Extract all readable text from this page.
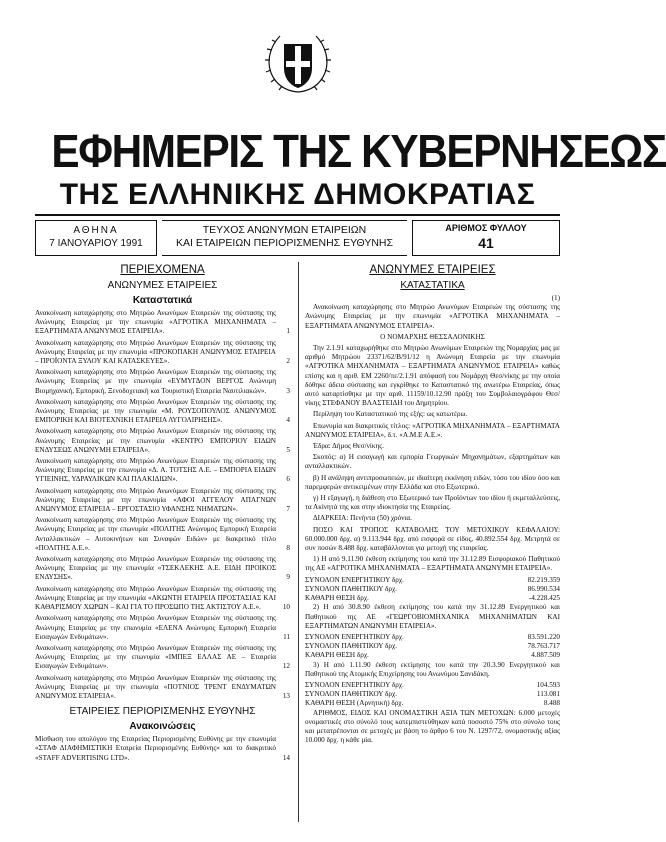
ΕΦΗΜΕΡΙΣ ΤΗΣ ΚΥΒΕΡΝΗΣΕΩΣ
ΤΗΣ ΕΛΛΗΝΙΚΗΣ ΔΗΜΟΚΡΑΤΙΑΣ
ΑΘΗΝΑ
7 ΙΑΝΟΥΑΡΙΟΥ 1991
ΤΕΥΧΟΣ ΑΝΩΝΥΜΩΝ ΕΤΑΙΡΕΙΩΝ
ΚΑΙ ΕΤΑΙΡΕΙΩΝ ΠΕΡΙΟΡΙΣΜΕΝΗΣ ΕΥΘΥΝΗΣ
ΑΡΙΘΜΟΣ ΦΥΛΛΟΥ
41
ΠΕΡΙΕΧΟΜΕΝΑ
ΑΝΩΝΥΜΕΣ ΕΤΑΙΡΕΙΕΣ
Καταστατικά
Ανακοίνωση καταχώρησης στο Μητρώο Ανωνύμων Εταιρειών της σύστασης της Ανώνυμης Εταιρείας με την επωνυμία «ΑΓΡΟΤΙΚΑ ΜΗΧΑΝΗΜΑΤΑ – ΕΞΑΡΤΗΜΑΤΑ ΑΝΩΝΥΜΟΣ ΕΤΑΙΡΕΙΑ».	1
Ανακοίνωση καταχώρησης στο Μητρώο Ανωνύμων Εταιρειών της σύστασης της Ανώνυμης Εταιρείας με την επωνυμία «ΠΡΟΚΟΠΑΚΗ ΑΝΩΝΥΜΟΣ ΕΤΑΙΡΕΙΑ – ΠΡΟΪΟΝΤΑ ΞΥΛΟΥ ΚΑΙ ΚΑΤΑΣΚΕΥΕΣ».	2
Ανακοίνωση καταχώρησης στο Μητρώο Ανωνύμων Εταιρειών της σύστασης της Ανώνυμης Εταιρείας με την επωνυμία «ΕΥΜΥΓΔΟΝ ΒΕΡΓΟΣ Ανώνυμη Βιομηχανική, Εμπορική, Ξενοδοχειακή και Τουριστική Εταιρεία Ναυτιλιακών».	3
Ανακοίνωση καταχώρησης στο Μητρώο Ανωνύμων Εταιρειών της σύστασης της Ανώνυμης Εταιρείας με την επωνυμία «Μ. ΡΟΥΣΟΠΟΥΛΟΣ ΑΝΩΝΥΜΟΣ ΕΜΠΟΡΙΚΗ ΚΑΙ ΒΙΟΤΕΧΝΙΚΗ ΕΤΑΙΡΕΙΑ ΛΥΓΟΛΙΡΗΣΗΣ».	4
Ανακοίνωση καταχώρησης στο Μητρώο Ανωνύμων Εταιρειών της σύστασης της Ανώνυμης Εταιρείας με την επωνυμία «ΚΕΝΤΡΟ ΕΜΠΟΡΙΟΥ ΕΙΔΩΝ ΕΝΔΥΣΕΩΣ ΑΝΩΝΥΜΗ ΕΤΑΙΡΕΙΑ».	5
Ανακοίνωση καταχώρησης στο Μητρώο Ανωνύμων Εταιρειών της σύστασης της Ανώνυμης Εταιρείας με την επωνυμία «Δ. Α. ΤΟΤΣΗΣ Α.Ε. – ΕΜΠΟΡΙΑ ΕΙΔΩΝ ΥΓΙΕΙΝΗΣ, ΥΔΡΑΥΛΙΚΩΝ ΚΑΙ ΠΛΑΚΙΔΙΩΝ».	6
Ανακοίνωση καταχώρησης στο Μητρώο Ανωνύμων Εταιρειών της σύστασης της Ανώνυμης Εταιρείας με την επωνυμία «ΑΦΟΙ ΑΓΓΕΛΟΥ ΑΠΑΓΝΩΝ ΑΝΩΝΥΜΟΣ ΕΤΑΙΡΕΙΑ – ΕΡΓΟΣΤΑΣΙΟ ΥΦΑΝΣΗΣ ΝΗΜΑΤΩΝ».	7
Ανακοίνωση καταχώρησης στο Μητρώο Ανωνύμων Εταιρειών της σύστασης της Ανώνυμης Εταιρείας με την επωνυμία «ΠΟΛΙΤΗΣ Ανώνυμος Εμπορική Εταιρεία Ανταλλακτικών – Αυτοκινήτων και Συναφών Ειδών» με διακριτικό τίτλο «ΠΟΛΙΤΗΣ Α.Ε.».	8
Ανακοίνωση καταχώρησης στο Μητρώο Ανωνύμων Εταιρειών της σύστασης της Ανώνυμης Εταιρείας με την επωνυμία «ΤΣΕΚΛΕΚΗΣ Α.Ε. ΕΙΔΗ ΠΡΟΙΚΟΣ ΕΝΔΥΣΗΣ».	9
Ανακοίνωση καταχώρησης στο Μητρώο Ανωνύμων Εταιρειών της σύστασης της Ανώνυμης Εταιρείας με την επωνυμία «ΑΚΩΝΤΗ ΕΤΑΙΡΕΙΑ ΠΡΟΣΤΑΣΙΑΣ ΚΑΙ ΚΑΘΑΡΙΣΜΟΥ ΧΩΡΩΝ – ΚΑΙ ΓΙΑ ΤΟ ΠΡΟΣΩΠΟ ΤΗΣ ΑΚΤΙΣΤΟΥ Α.Ε.».	10
Ανακοίνωση καταχώρησης στο Μητρώο Ανωνύμων Εταιρειών της σύστασης της Ανώνυμης Εταιρείας με την επωνυμία «ΕΛΕΝΑ Ανώνυμος Εμπορική Εταιρεία Εισαγωγών Ενδυμάτων».	11
Ανακοίνωση καταχώρησης στο Μητρώο Ανωνύμων Εταιρειών της σύστασης της Ανώνυμης Εταιρείας με την επωνυμία «ΙΜΠΕΞ ΕΛΛΑΣ ΑΕ – Εταιρεία Εισαγωγών Ενδυμάτων».	12
Ανακοίνωση καταχώρησης στο Μητρώο Ανωνύμων Εταιρειών της σύστασης της Ανώνυμης Εταιρείας με την επωνυμία «ΠΟΤΝΙΟΣ ΤΡΕΝΤ ΕΝΔΥΜΑΤΩΝ ΑΝΩΝΥΜΟΣ ΕΤΑΙΡΕΙΑ».	13
ΕΤΑΙΡΕΙΕΣ ΠΕΡΙΟΡΙΣΜΕΝΗΣ ΕΥΘΥΝΗΣ
Ανακοινώσεις
Μίσθωση του απολόγου της Εταιρείας Περιορισμένης Ευθύνης με την επωνυμία «ΣΤΑΦ ΔΙΑΦΗΜΙΣΤΙΚΗ Εταιρεία Περιορισμένης Ευθύνης» και το διακριτικό «STAFF ADVERTISING LTD».	14
ΑΝΩΝΥΜΕΣ ΕΤΑΙΡΕΙΕΣ
ΚΑΤΑΣΤΑΤΙΚΑ

(1)

Ανακοίνωση καταχώρησης στο Μητρώο Ανωνύμων Εταιρειών της σύστασης της Ανώνυμης Εταιρείας με την επωνυμία «ΑΓΡΟΤΙΚΑ ΜΗΧΑΝΗΜΑΤΑ – ΕΞΑΡΤΗΜΑΤΑ ΑΝΩΝΥΜΟΣ ΕΤΑΙΡΕΙΑ».

Ο ΝΟΜΑΡΧΗΣ ΘΕΣΣΑΛΟΝΙΚΗΣ

Την 2.1.91 καταχωρήθηκε στο Μητρώο Ανωνύμων Εταιρειών της Νομαρχίας μας με αριθμό Μητρώου 23371/62/Β/91/12 η Ανώνυμη Εταιρεία με την επωνυμία «ΑΓΡΟΤΙΚΑ ΜΗΧΑΝΗΜΑΤΑ – ΕΞΑΡΤΗΜΑΤΑ ΑΝΩΝΥΜΟΣ ΕΤΑΙΡΕΙΑ» καθώς επίσης και η αριθ. ΕΜ 2260/πε/2.1.91 απόφασή του Νομάρχη Θεσ/νίκης με την οποία δόθηκε άδεια σύστασης και εγκρίθηκε το Καταστατικό της ανωτέρω Εταιρείας, όπως αυτό καταρτίσθηκε με την αριθ. 11159/10.12.90 πράξη του Συμβολαιογράφου Θεσ/νίκης ΣΤΕΦΑΝΟΥ ΒΛΑΣΤΕΙΔΗ του Δημητρίου.

Περίληψη του Καταστατικού της εξής: ως κατωτέρω.

Επωνυμία και διακριτικός τίτλος: «ΑΓΡΟΤΙΚΑ ΜΗΧΑΝΗΜΑΤΑ – ΕΞΑΡΤΗΜΑΤΑ ΑΝΩΝΥΜΟΣ ΕΤΑΙΡΕΙΑ», δ.τ. «Α.Μ.Ε Α.Ε.».

Έδρα: Δήμος Θεσ/νίκης.

Σκοπός: α) Η εισαγωγή και εμπορία Γεωργικών Μηχανημάτων, εξαρτημάτων και ανταλλακτικών.

β) Η ανάληψη αντιπροσωπειών, με ιδιαίτερη εκκίνηση ειδών, τόσο του ιδίου όσο και παρεμφερών αντικειμένων στην Ελλάδα και στο Εξωτερικό.

γ) Η εξαγωγή, η διάθεση στο Εξωτερικό των Προϊόντων του ιδίου ή εκμεταλλεύσεις, τα Ακίνητά της και στην ιδιοκτησία της Εταιρείας.

ΔΙΑΡΚΕΙΑ: Πενήντα (50) χρόνια.

ΠΟΣΟ ΚΑΙ ΤΡΟΠΟΣ ΚΑΤΑΒΟΛΗΣ ΤΟΥ ΜΕΤΟΧΙΚΟΥ ΚΕΦΑΛΑΙΟΥ: 60.000.000 δρχ. α) 9.113.944 δρχ. από εισφορά σε είδος, 40.892.554 δρχ. Μετρητά σε συν ποσών 8.488 δρχ. καταβάλλονται για μετοχή της εταιρείας.

1) Η από 9.11.90 έκθεση εκτίμησης του κατά την 31.12.89 Εισφοριακού Παθητικού της ΑΕ «ΑΓΡΟΤΙΚΑ ΜΗΧΑΝΗΜΑΤΑ – ΕΞΑΡΤΗΜΑΤΑ ΑΝΩΝΥΜΗ ΕΤΑΙΡΕΙΑ».

ΣΥΝΟΛΟΝ ΕΝΕΡΓΗΤΙΚΟΥ δρχ.	82.219.359
ΣΥΝΟΛΟΝ ΠΑΘΗΤΙΚΟΥ δρχ.	86.990.534
ΚΑΘΑΡΗ ΘΕΣΗ δρχ.	-4.228.425

2) Η από 30.8.90 έκθεση εκτίμησης του κατά την 31.12.89 Ενεργητικού και Παθητικού της ΑΕ «ΓΕΩΡΓΟΒΙΟΜΗΧΑΝΙΚΑ ΜΗΧΑΝΗΜΑΤΩΝ ΚΑΙ ΕΞΑΡΤΗΜΑΤΩΝ ΑΝΩΝΥΜΗ ΕΤΑΙΡΕΙΑ».

ΣΥΝΟΛΟΝ ΕΝΕΡΓΗΤΙΚΟΥ δρχ.	83.591.220
ΣΥΝΟΛΟΝ ΠΑΘΗΤΙΚΟΥ δρχ.	78.763.717
ΚΑΘΑΡΗ ΘΕΣΗ δρχ.	4.887.509

3) Η από 1.11.90 έκθεση εκτίμησης του κατά την 20.3.90 Ενεργητικού και Παθητικού της Ατομικής Επιχείρησης του Ανωνύμου Σανιδάκη.

ΣΥΝΟΛΟΝ ΕΝΕΡΓΗΤΙΚΟΥ δρχ.	104.593
ΣΥΝΟΛΟΝ ΠΑΘΗΤΙΚΟΥ δρχ.	113.081
ΚΑΘΑΡΗ ΘΕΣΗ (Αρνητική) δρχ.	8.488

ΑΡΙΘΜΟΣ, ΕΙΔΟΣ ΚΑΙ ΟΝΟΜΑΣΤΙΚΗ ΑΞΙΑ ΤΩΝ ΜΕΤΟΧΩΝ: 6.000 μετοχές ονομαστικές στο σύνολό τους κατεμπιστεύθηκαν κατά ποσοστό 75% στο σύνολο τους και μετατρέπονται σε μετοχές με βάση το άρθρο 6 του Ν. 1297/72, ονομαστικής αξίας 10.000 δρχ. η κάθε μία.
